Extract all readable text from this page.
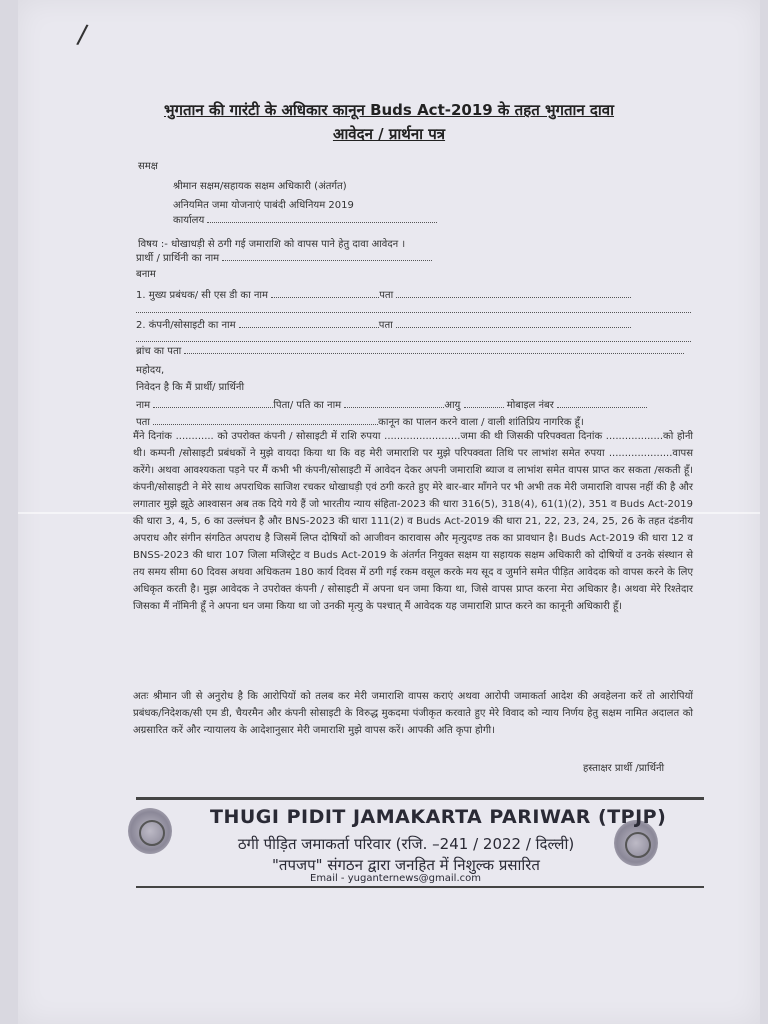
/
भुगतान की गारंटी के अधिकार कानून Buds Act-2019 के तहत भुगतान दावा
आवेदन / प्रार्थना पत्र
समक्ष
श्रीमान सक्षम/सहायक सक्षम अधिकारी (अंतर्गत)
अनियमित जमा योजनाएं पाबंदी अधिनियम 2019
कार्यालय
विषय :- धोखाधड़ी से ठगी गई जमाराशि को वापस पाने हेतु दावा आवेदन ।
प्रार्थी / प्रार्थिनी का नाम
बनाम
1. मुख्य प्रबंधक/ सी एस डी का नाम	पता
2. कंपनी/सोसाइटी का नाम	पता
ब्रांच का पता
महोदय,
निवेदन है कि मैं प्रार्थी/ प्रार्थिनी
नाम	पिता/ पति का नाम	आयु	मोबाइल नंबर
पता	कानून का पालन करने वाला / वाली शांतिप्रिय नागरिक हूँ।
मैंने दिनांक ............ को उपरोक्त कंपनी / सोसाइटी में राशि रुपया ........................जमा की थी जिसकी परिपक्वता दिनांक ..................को होनी थी। कम्पनी /सोसाइटी प्रबंधकों ने मुझे वायदा किया था कि वह मेरी जमाराशि पर मुझे परिपक्वता तिथि पर लाभांश समेत रुपया ....................वापस करेंगे। अथवा आवश्यकता पड़ने पर मैं कभी भी कंपनी/सोसाइटी में आवेदन देकर अपनी जमाराशि ब्याज व लाभांश समेत वापस प्राप्त कर सकता /सकती हूँ। कंपनी/सोसाइटी ने मेरे साथ अपराधिक साजिश रचकर धोखाधड़ी एवं ठगी करते हुए मेरे बार-बार माँगने पर भी अभी तक मेरी जमाराशि वापस नहीं की है और लगातार मुझे झूठे आश्वासन अब तक दिये गये हैं जो भारतीय न्याय संहिता-2023 की धारा 316(5), 318(4), 61(1)(2), 351 व Buds Act-2019 की धारा 3, 4, 5, 6 का उल्लंघन है और BNS-2023 की धारा 111(2) व Buds Act-2019 की धारा 21, 22, 23, 24, 25, 26 के तहत दंडनीय अपराध और संगीन संगठित अपराध है जिसमें लिप्त दोषियों को आजीवन कारावास और मृत्युदण्ड तक का प्रावधान है। Buds Act-2019 की धारा 12 व BNSS-2023 की धारा 107 जिला मजिस्ट्रेट व Buds Act-2019 के अंतर्गत नियुक्त सक्षम या सहायक सक्षम अधिकारी को दोषियों व उनके संस्थान से तय समय सीमा 60 दिवस अथवा अधिकतम 180 कार्य दिवस में ठगी गई रकम वसूल करके मय सूद व जुर्माने समेत पीड़ित आवेदक को वापस करने के लिए अधिकृत करती है। मुझ आवेदक ने उपरोक्त कंपनी / सोसाइटी में अपना धन जमा किया था, जिसे वापस प्राप्त करना मेरा अधिकार है। अथवा मेरे रिश्तेदार जिसका मैं नॉमिनी हूँ ने अपना धन जमा किया था जो उनकी मृत्यु के पश्चात् मैं आवेदक यह जमाराशि प्राप्त करने का कानूनी अधिकारी हूँ।
अतः श्रीमान जी से अनुरोध है कि आरोपियों को तलब कर मेरी जमाराशि वापस कराएं अथवा आरोपी जमाकर्ता आदेश की अवहेलना करें तो आरोपियों प्रबंधक/निदेशक/सी एम डी, चैयरमैन और कंपनी सोसाइटी के विरुद्ध मुकदमा पंजीकृत करवाते हुए मेरे विवाद को न्याय निर्णय हेतु सक्षम नामित अदालत को अग्रसारित करें और न्यायालय के आदेशानुसार मेरी जमाराशि मुझे वापस करें। आपकी अति कृपा होगी।
हस्ताक्षर प्रार्थी /प्रार्थिनी
THUGI PIDIT JAMAKARTA PARIWAR (TPJP)
ठगी पीड़ित जमाकर्ता परिवार (रजि. –241 / 2022 / दिल्ली)
"तपजप" संगठन द्वारा जनहित में निशुल्क प्रसारित
Email - yuganternews@gmail.com
